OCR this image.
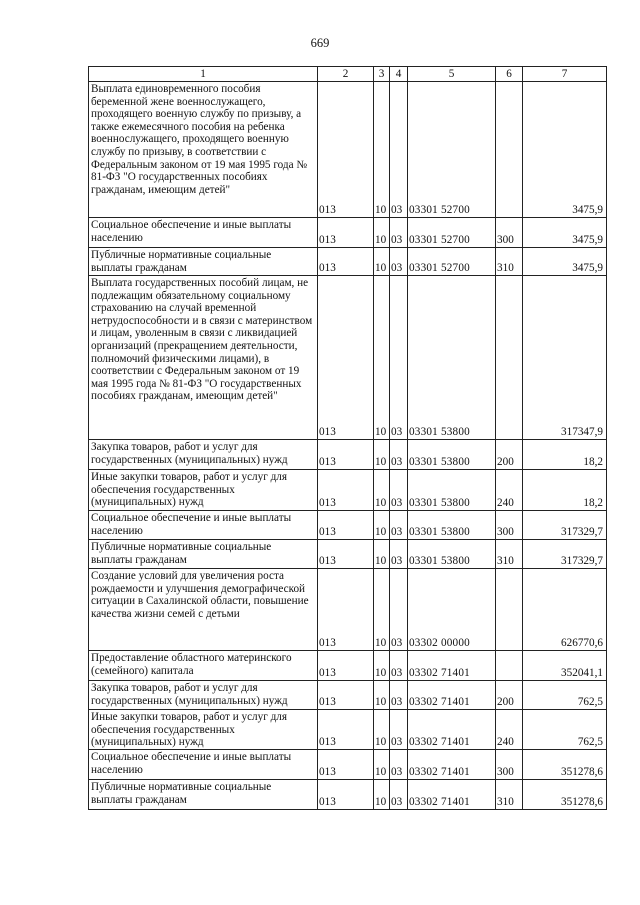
669
1	2	3	4	5	6	7
Выплата единовременного пособия беременной жене военнослужащего, проходящего военную службу по призыву, а также ежемесячного пособия на ребенка военнослужащего, проходящего военную службу по призыву, в соответствии с Федеральным законом от 19 мая 1995 года № 81-ФЗ "О государственных пособиях гражданам, имеющим детей"	013	10	03	03301 52700		3475,9
Социальное обеспечение и иные выплаты населению	013	10	03	03301 52700	300	3475,9
Публичные нормативные социальные выплаты гражданам	013	10	03	03301 52700	310	3475,9
Выплата государственных пособий лицам, не подлежащим обязательному социальному страхованию на случай временной нетрудоспособности и в связи с материнством и лицам, уволенным в связи с ликвидацией организаций (прекращением деятельности, полномочий физическими лицами), в соответствии с Федеральным законом от 19 мая 1995 года № 81-ФЗ "О государственных пособиях гражданам, имеющим детей"	013	10	03	03301 53800		317347,9
Закупка товаров, работ и услуг для государственных (муниципальных) нужд	013	10	03	03301 53800	200	18,2
Иные закупки товаров, работ и услуг для обеспечения государственных (муниципальных) нужд	013	10	03	03301 53800	240	18,2
Социальное обеспечение и иные выплаты населению	013	10	03	03301 53800	300	317329,7
Публичные нормативные социальные выплаты гражданам	013	10	03	03301 53800	310	317329,7
Создание условий для увеличения роста рождаемости и улучшения демографической ситуации в Сахалинской области, повышение качества жизни семей с детьми	013	10	03	03302 00000		626770,6
Предоставление областного материнского (семейного) капитала	013	10	03	03302 71401		352041,1
Закупка товаров, работ и услуг для государственных (муниципальных) нужд	013	10	03	03302 71401	200	762,5
Иные закупки товаров, работ и услуг для обеспечения государственных (муниципальных) нужд	013	10	03	03302 71401	240	762,5
Социальное обеспечение и иные выплаты населению	013	10	03	03302 71401	300	351278,6
Публичные нормативные социальные выплаты гражданам	013	10	03	03302 71401	310	351278,6
